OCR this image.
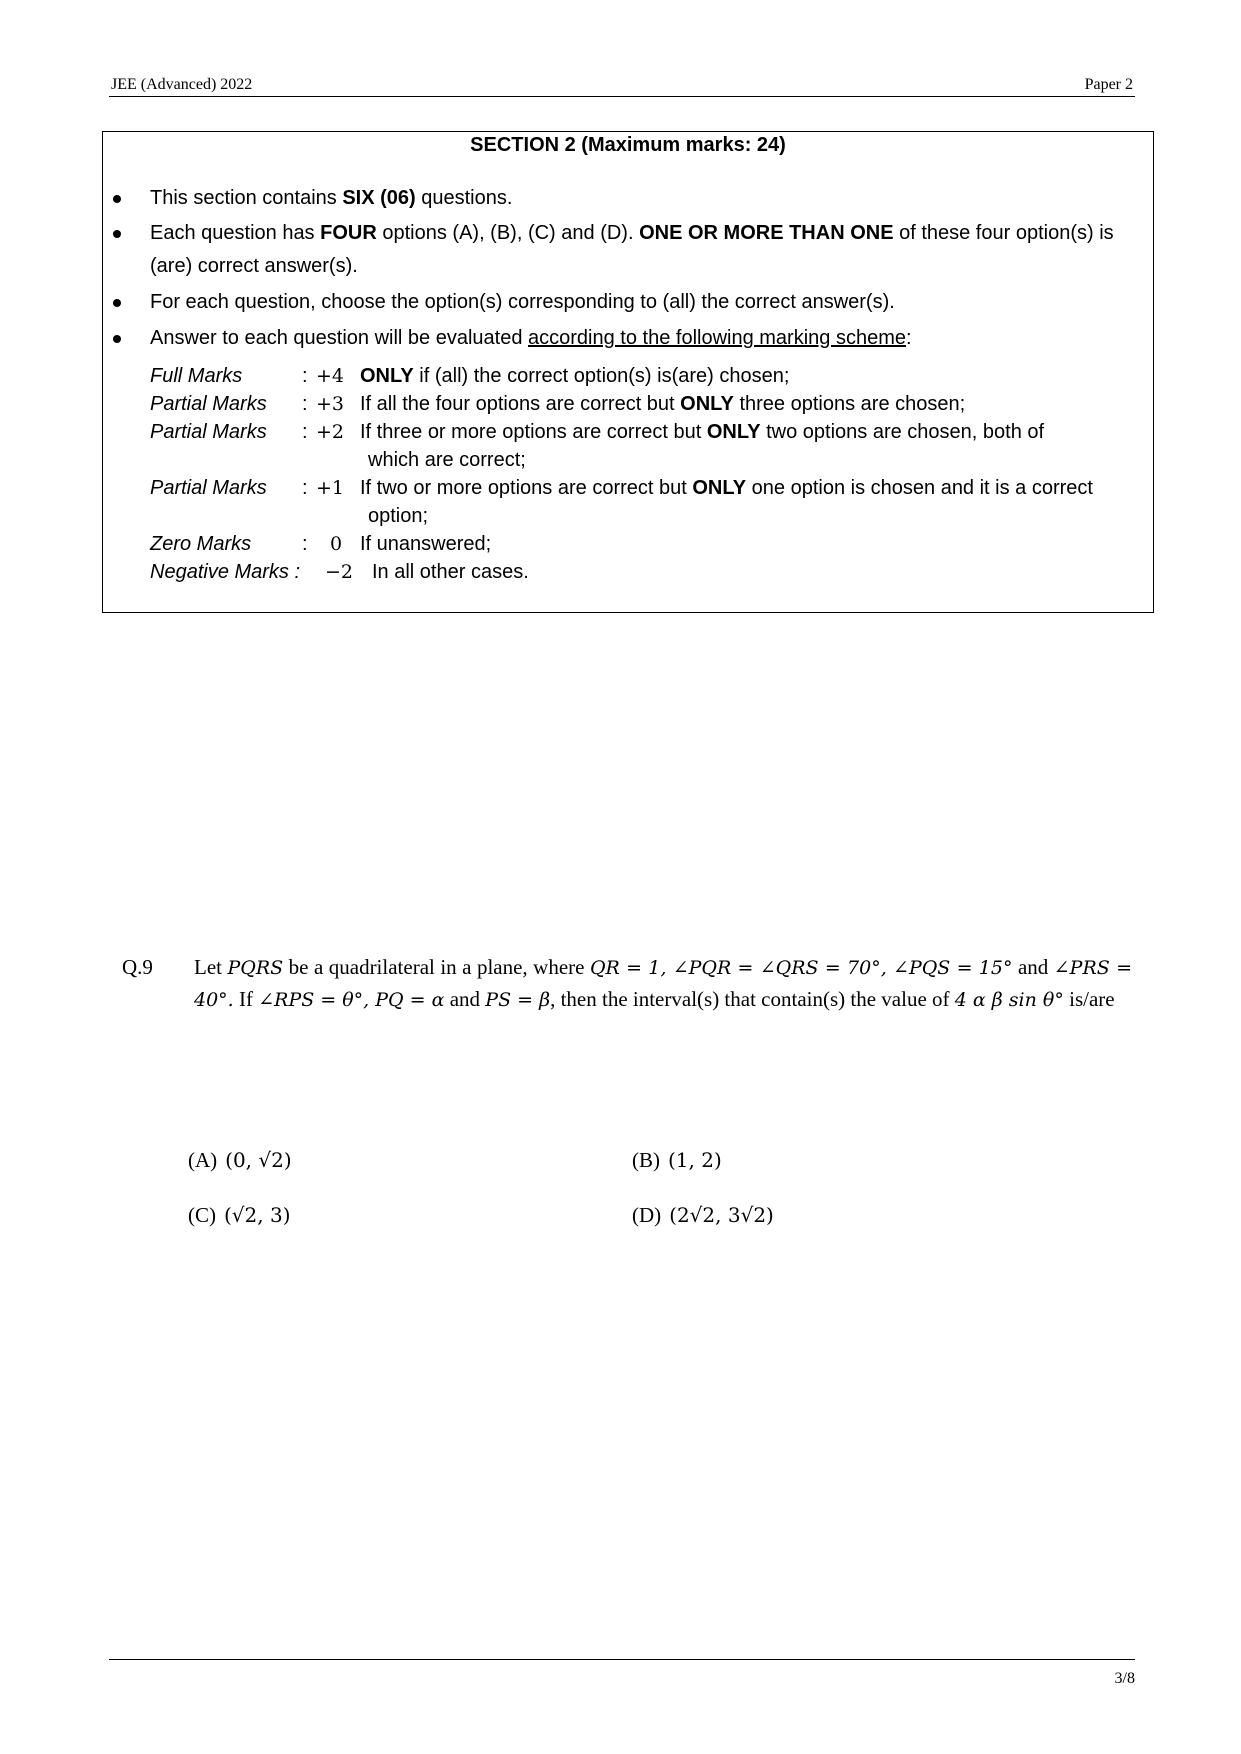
JEE (Advanced) 2022	Paper 2
SECTION 2 (Maximum marks: 24)
This section contains SIX (06) questions.
Each question has FOUR options (A), (B), (C) and (D). ONE OR MORE THAN ONE of these four option(s) is (are) correct answer(s).
For each question, choose the option(s) corresponding to (all) the correct answer(s).
Answer to each question will be evaluated according to the following marking scheme:
Full Marks	: +4 ONLY if (all) the correct option(s) is(are) chosen;
Partial Marks : +3 If all the four options are correct but ONLY three options are chosen;
Partial Marks : +2 If three or more options are correct but ONLY two options are chosen, both of
which are correct;
Partial Marks : +1 If two or more options are correct but ONLY one option is chosen and it is a correct
option;
Zero Marks	: 0 If unanswered;
Negative Marks : −2 In all other cases.
Q.9 Let PQRS be a quadrilateral in a plane, where QR = 1, ∠PQR = ∠QRS = 70°, ∠PQS = 15° and ∠PRS = 40°. If ∠RPS = θ°, PQ = α and PS = β, then the interval(s) that contain(s) the value of 4 α β sin θ° is/are
(A) (0, √2)	(B) (1, 2)
(C) (√2, 3)	(D) (2√2, 3√2)
3/8
